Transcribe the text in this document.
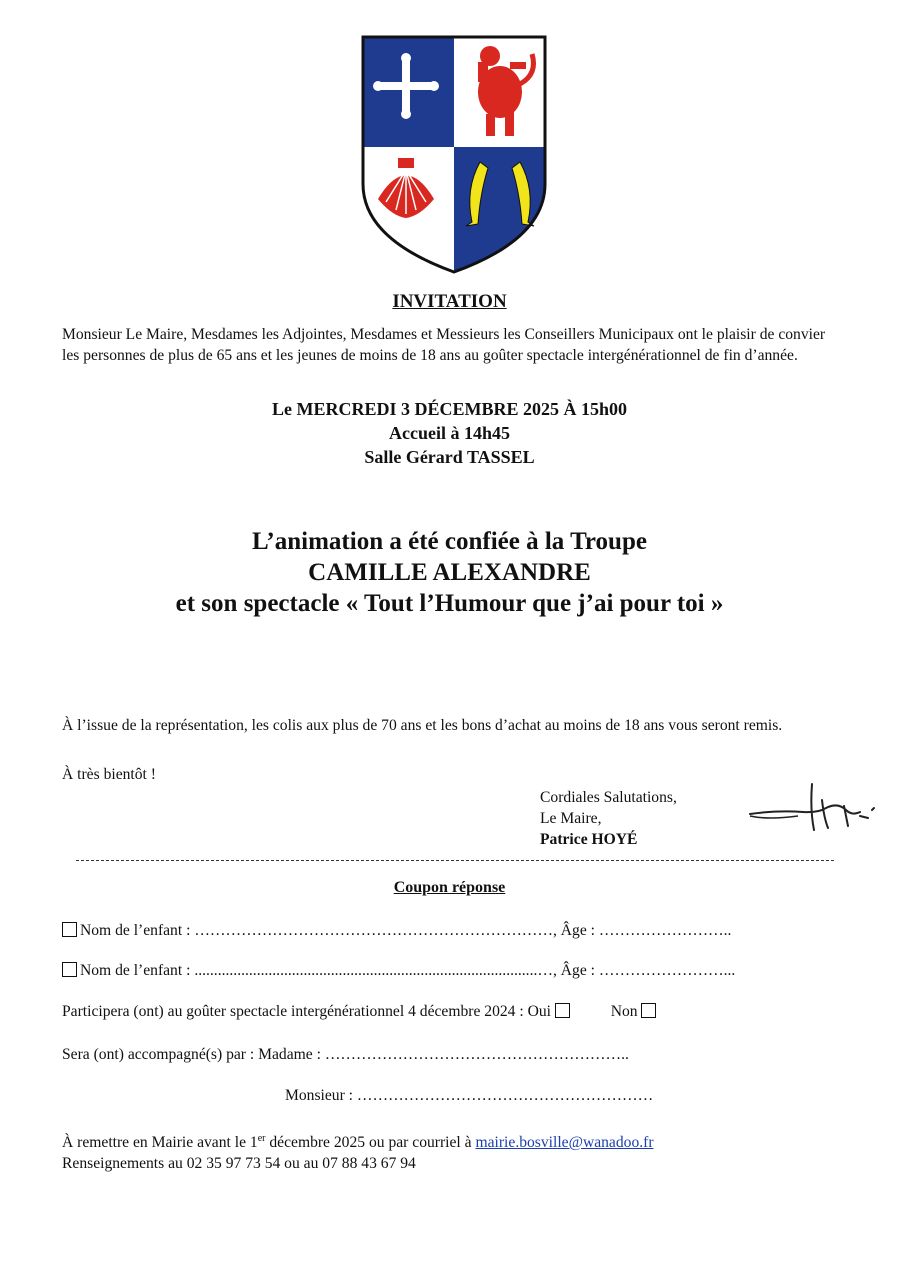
INVITATION
Monsieur Le Maire, Mesdames les Adjointes, Mesdames et Messieurs les Conseillers Municipaux ont le plaisir de convier les personnes de plus de 65 ans et les jeunes de moins de 18 ans au goûter spectacle intergénérationnel de fin d’année.
Le MERCREDI 3 DÉCEMBRE 2025 À 15h00
Accueil à 14h45
Salle Gérard TASSEL
L’animation a été confiée à la Troupe
CAMILLE ALEXANDRE
et son spectacle « Tout l’Humour que j’ai pour toi »
À l’issue de la représentation, les colis aux plus de 70 ans et les bons d’achat au moins de 18 ans vous seront remis.
À très bientôt !
Cordiales Salutations,
Le Maire,
Patrice HOYÉ
Coupon réponse
Nom de l’enfant : ……………………………………………………………, Âge : ……………………..
Nom de l’enfant : ........................................................................................…, Âge : ……………………...
Participera (ont) au goûter spectacle intergénérationnel 4 décembre 2024 : Oui	Non
Sera (ont) accompagné(s) par : Madame : …………………………………………………..
Monsieur : …………………………………………………
À remettre en Mairie avant le 1er décembre 2025 ou par courriel à mairie.bosville@wanadoo.fr
Renseignements au 02 35 97 73 54 ou au 07 88 43 67 94
